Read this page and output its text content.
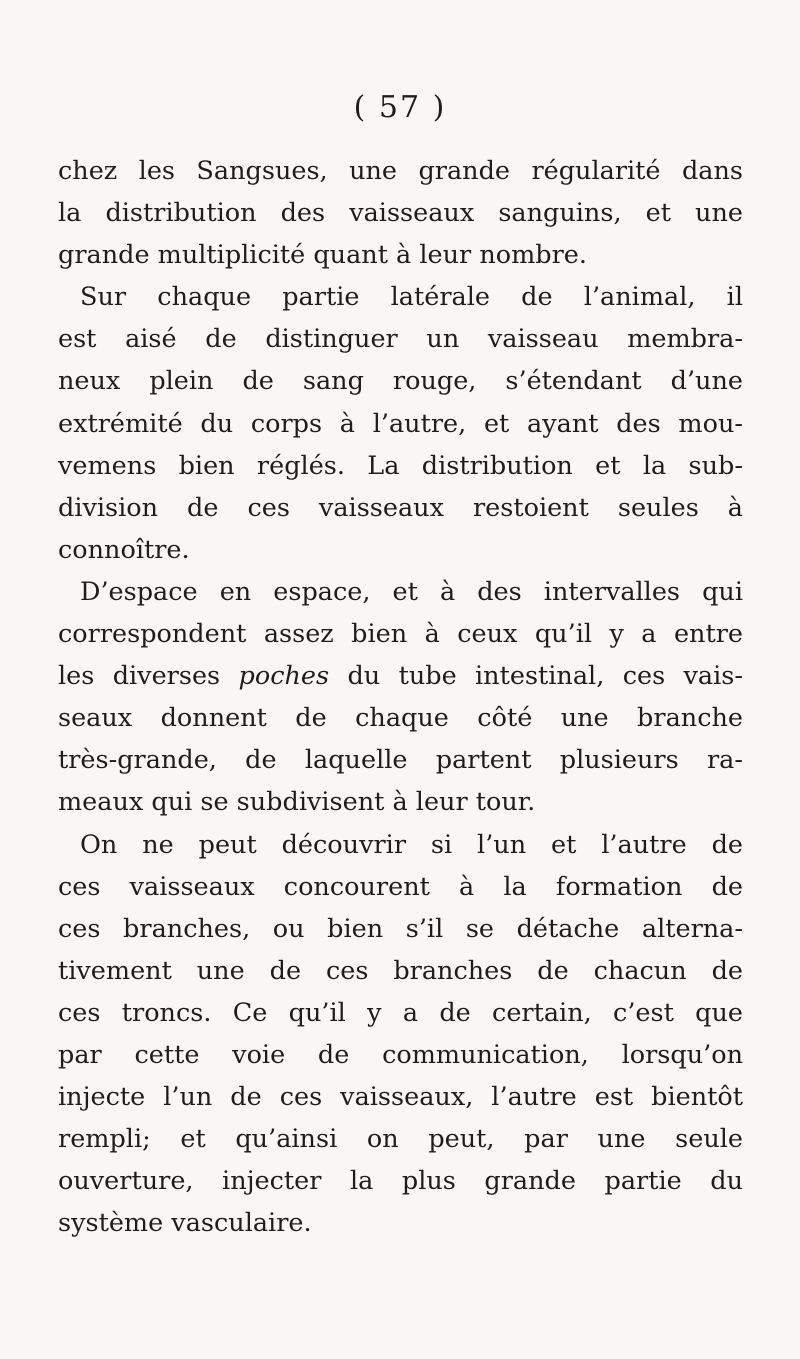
( 57 )
chez les Sangsues, une grande régularité dans
la distribution des vaisseaux sanguins, et une
grande multiplicité quant à leur nombre.
Sur chaque partie latérale de l’animal, il
est aisé de distinguer un vaisseau membra-
neux plein de sang rouge, s’étendant d’une
extrémité du corps à l’autre, et ayant des mou-
vemens bien réglés. La distribution et la sub-
division de ces vaisseaux restoient seules à
connoître.
D’espace en espace, et à des intervalles qui
correspondent assez bien à ceux qu’il y a entre
les diverses poches du tube intestinal, ces vais-
seaux donnent de chaque côté une branche
très-grande, de laquelle partent plusieurs ra-
meaux qui se subdivisent à leur tour.
On ne peut découvrir si l’un et l’autre de
ces vaisseaux concourent à la formation de
ces branches, ou bien s’il se détache alterna-
tivement une de ces branches de chacun de
ces troncs. Ce qu’il y a de certain, c’est que
par cette voie de communication, lorsqu’on
injecte l’un de ces vaisseaux, l’autre est bientôt
rempli; et qu’ainsi on peut, par une seule
ouverture, injecter la plus grande partie du
système vasculaire.
